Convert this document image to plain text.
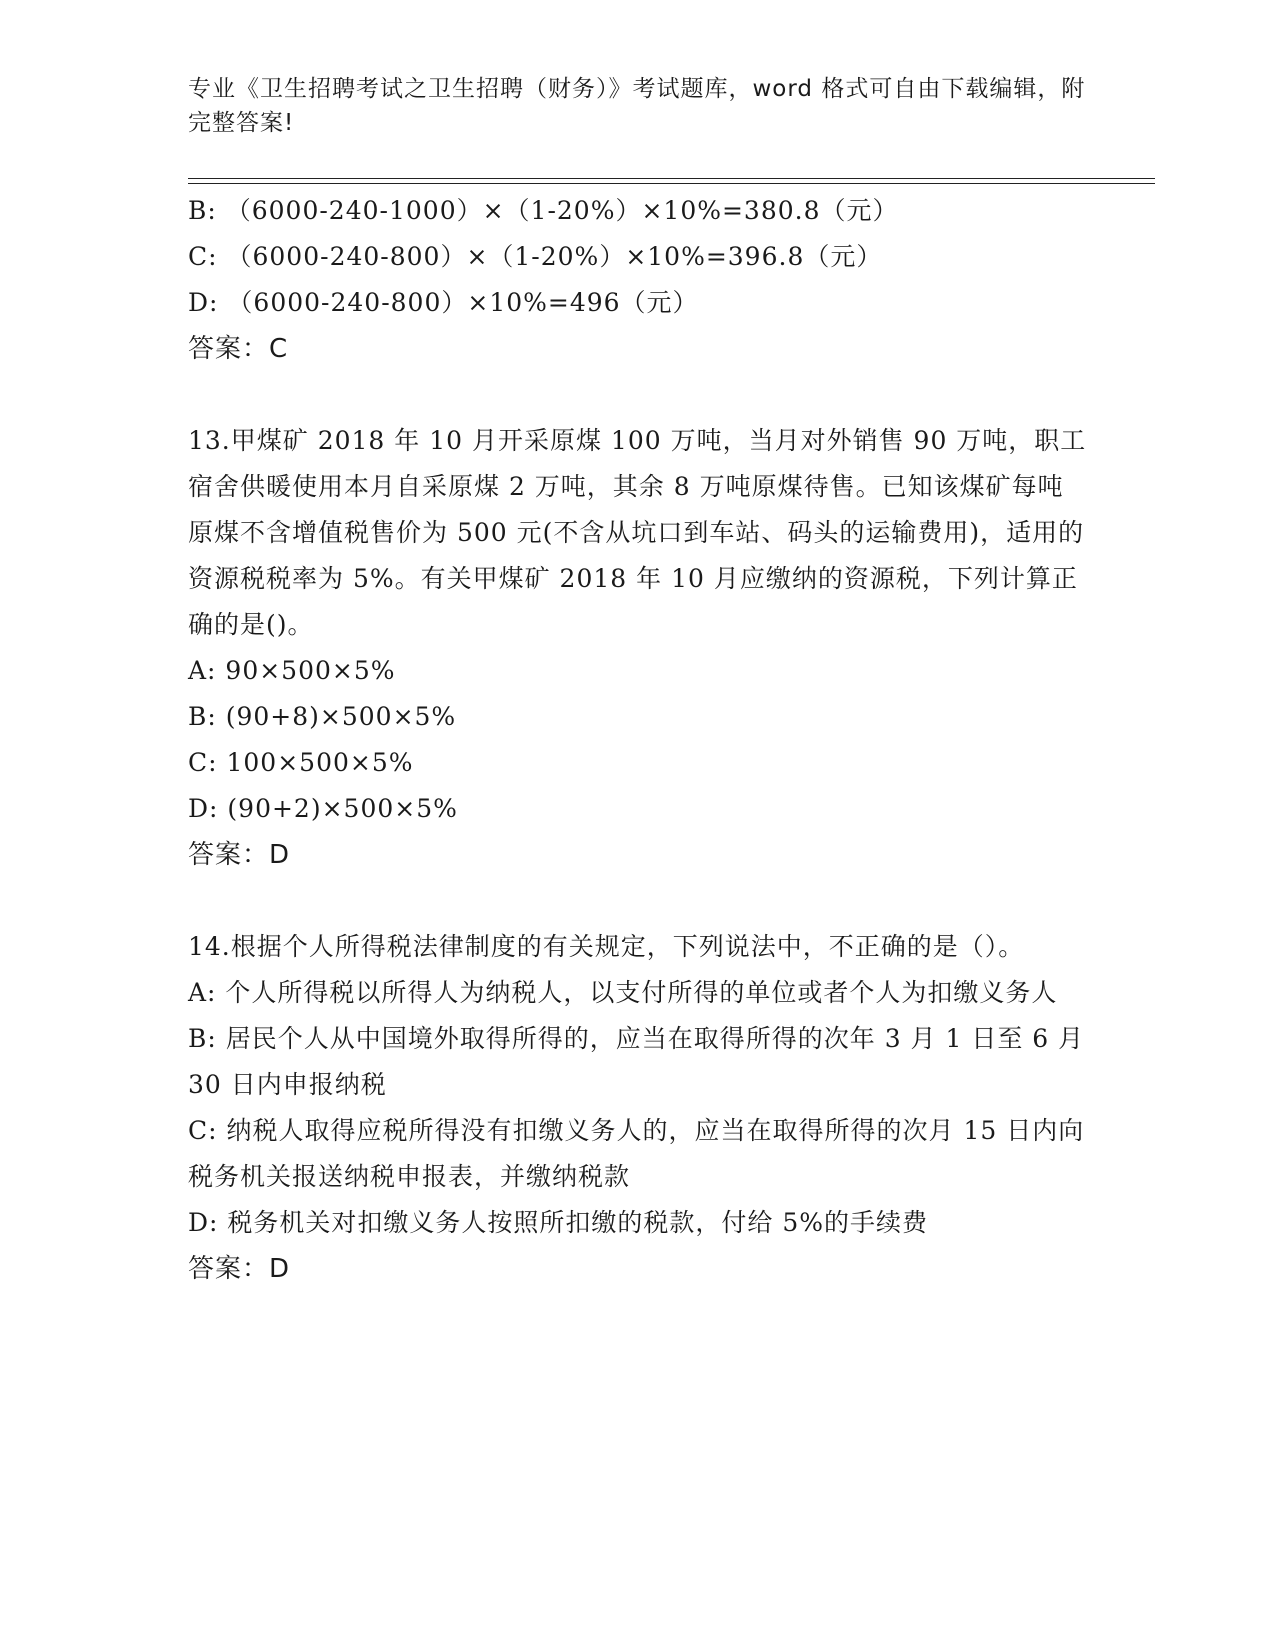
专业《卫生招聘考试之卫生招聘（财务）》考试题库，word 格式可自由下载编辑，附完整答案!
B: （6000-240-1000）×（1-20%）×10%=380.8（元）
C: （6000-240-800）×（1-20%）×10%=396.8（元）
D: （6000-240-800）×10%=496（元）
答案：C
13.甲煤矿 2018 年 10 月开采原煤 100 万吨，当月对外销售 90 万吨，职工宿舍供暖使用本月自采原煤 2 万吨，其余 8 万吨原煤待售。已知该煤矿每吨原煤不含增值税售价为 500 元(不含从坑口到车站、码头的运输费用)，适用的资源税税率为 5%。有关甲煤矿 2018 年 10 月应缴纳的资源税，下列计算正确的是()。
A: 90×500×5%
B: (90+8)×500×5%
C: 100×500×5%
D: (90+2)×500×5%
答案：D
14.根据个人所得税法律制度的有关规定，下列说法中，不正确的是（）。
A: 个人所得税以所得人为纳税人，以支付所得的单位或者个人为扣缴义务人
B: 居民个人从中国境外取得所得的，应当在取得所得的次年 3 月 1 日至 6 月 30 日内申报纳税
C: 纳税人取得应税所得没有扣缴义务人的，应当在取得所得的次月 15 日内向税务机关报送纳税申报表，并缴纳税款
D: 税务机关对扣缴义务人按照所扣缴的税款，付给 5%的手续费
答案：D
